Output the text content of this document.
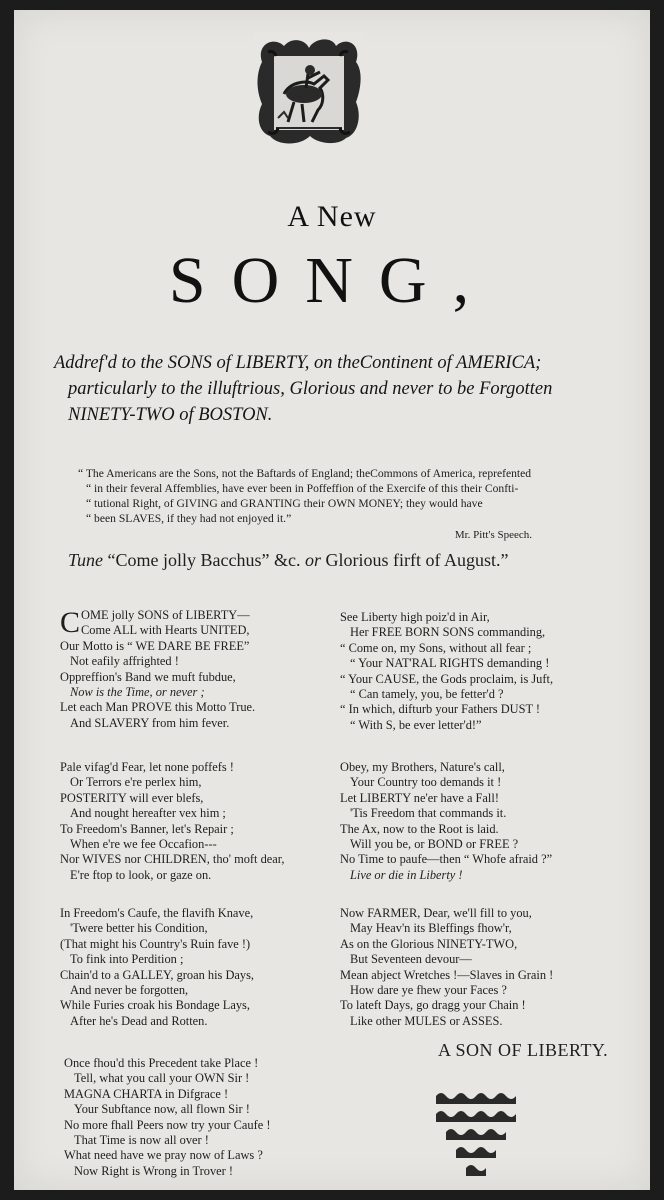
A New
SONG,
Addref'd to the SONS of LIBERTY, on theContinent of AMERICA;
particularly to the illuftrious, Glorious and never to be Forgotten
NINETY-TWO of BOSTON.
“ The Americans are the Sons, not the Baftards of England; theCommons of America, reprefented
“ in their feveral Affemblies, have ever been in Poffeffion of the Exercife of this their Confti-
“ tutional Right, of GIVING and GRANTING their OWN MONEY; they would have
“ been SLAVES, if they had not enjoyed it.”
Mr. Pitt's Speech.
Tune “Come jolly Bacchus” &c. or Glorious firft of August.”
C OME jolly SONS of LIBERTY—
Come ALL with Hearts UNITED,
Our Motto is “ WE DARE BE FREE”
Not eafily affrighted !
Oppreffion's Band we muft fubdue,
Now is the Time, or never ;
Let each Man PROVE this Motto True.
And SLAVERY from him fever.
See Liberty high poiz'd in Air,
Her FREE BORN SONS commanding,
“ Come on, my Sons, without all fear ;
“ Your NAT'RAL RIGHTS demanding !
“ Your CAUSE, the Gods proclaim, is Juft,
“ Can tamely, you, be fetter'd ?
“ In which, difturb your Fathers DUST !
“ With S, be ever letter'd!”
Pale vifag'd Fear, let none poffefs !
Or Terrors e're perlex him,
POSTERITY will ever blefs,
And nought hereafter vex him ;
To Freedom's Banner, let's Repair ;
When e're we fee Occafion---
Nor WIVES nor CHILDREN, tho' moft dear,
E're ftop to look, or gaze on.
Obey, my Brothers, Nature's call,
Your Country too demands it !
Let LIBERTY ne'er have a Fall!
'Tis Freedom that commands it.
The Ax, now to the Root is laid.
Will you be, or BOND or FREE ?
No Time to paufe—then “ Whofe afraid ?”
Live or die in Liberty !
In Freedom's Caufe, the flavifh Knave,
'Twere better his Condition,
(That might his Country's Ruin fave !)
To fink into Perdition ;
Chain'd to a GALLEY, groan his Days,
And never be forgotten,
While Furies croak his Bondage Lays,
After he's Dead and Rotten.
Now FARMER, Dear, we'll fill to you,
May Heav'n its Bleffings fhow'r,
As on the Glorious NINETY-TWO,
But Seventeen devour—
Mean abject Wretches !—Slaves in Grain !
How dare ye fhew your Faces ?
To lateft Days, go dragg your Chain !
Like other MULES or ASSES.
A SON OF LIBERTY.
Once fhou'd this Precedent take Place !
Tell, what you call your OWN Sir !
MAGNA CHARTA in Difgrace !
Your Subftance now, all flown Sir !
No more fhall Peers now try your Caufe !
That Time is now all over !
What need have we pray now of Laws ?
Now Right is Wrong in Trover !
